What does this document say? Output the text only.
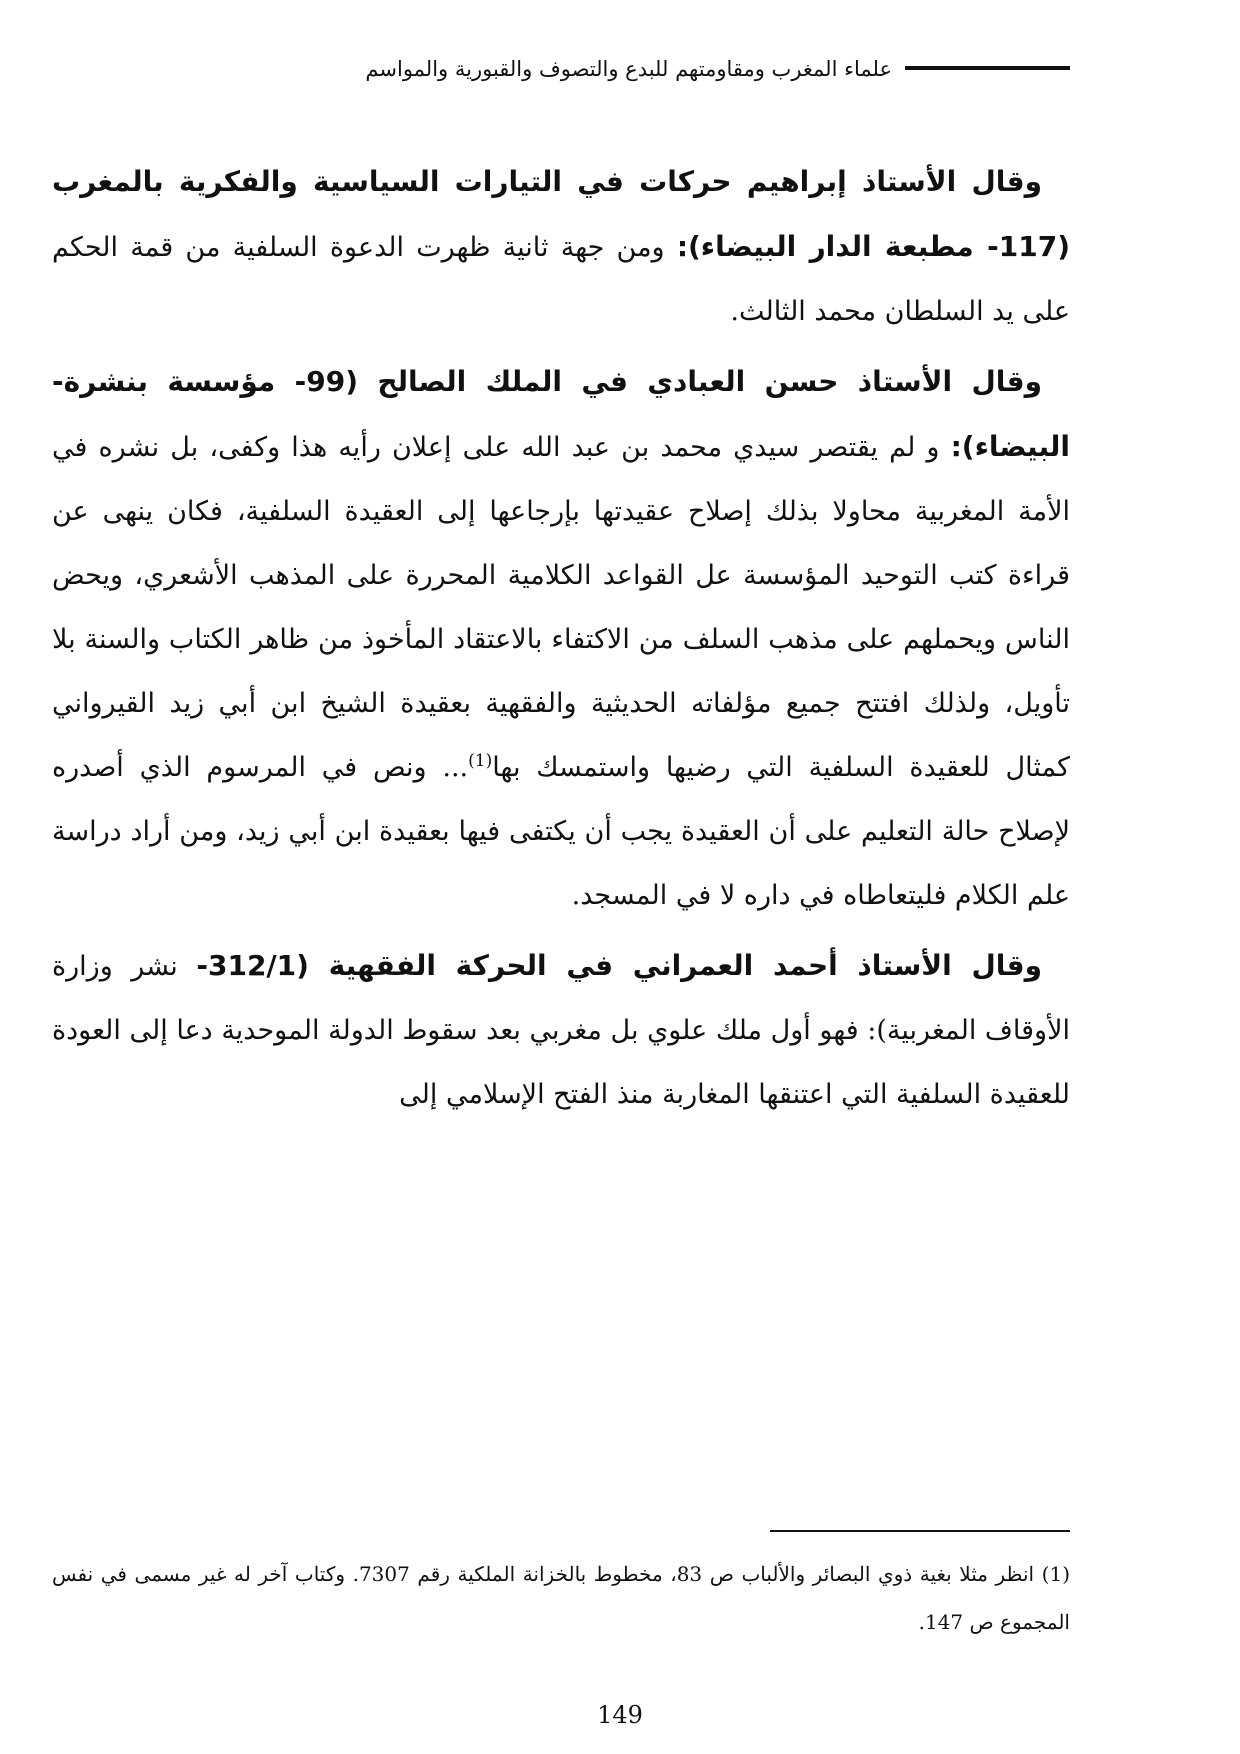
علماء المغرب ومقاومتهم للبدع والتصوف والقبورية والمواسم

وقال الأستاذ إبراهيم حركات في التيارات السياسية والفكرية بالمغرب (117- مطبعة الدار البيضاء): ومن جهة ثانية ظهرت الدعوة السلفية من قمة الحكم على يد السلطان محمد الثالث.

وقال الأستاذ حسن العبادي في الملك الصالح (99- مؤسسة بنشرة- البيضاء): و لم يقتصر سيدي محمد بن عبد الله على إعلان رأيه هذا وكفى، بل نشره في الأمة المغربية محاولا بذلك إصلاح عقيدتها بإرجاعها إلى العقيدة السلفية، فكان ينهى عن قراءة كتب التوحيد المؤسسة عل القواعد الكلامية المحررة على المذهب الأشعري، ويحض الناس ويحملهم على مذهب السلف من الاكتفاء بالاعتقاد المأخوذ من ظاهر الكتاب والسنة بلا تأويل، ولذلك افتتح جميع مؤلفاته الحديثية والفقهية بعقيدة الشيخ ابن أبي زيد القيرواني كمثال للعقيدة السلفية التي رضيها واستمسك بها$^{(1)}$... ونص في المرسوم الذي أصدره لإصلاح حالة التعليم على أن العقيدة يجب أن يكتفى فيها بعقيدة ابن أبي زيد، ومن أراد دراسة علم الكلام فليتعاطاه في داره لا في المسجد.

وقال الأستاذ أحمد العمراني في الحركة الفقهية (312/1- نشر وزارة الأوقاف المغربية): فهو أول ملك علوي بل مغربي بعد سقوط الدولة الموحدية دعا إلى العودة للعقيدة السلفية التي اعتنقها المغاربة منذ الفتح الإسلامي إلى

(1) انظر مثلا بغية ذوي البصائر والألباب ص 83، مخطوط بالخزانة الملكية رقم 7307. وكتاب آخر له غير مسمى في نفس المجموع ص 147.

149
